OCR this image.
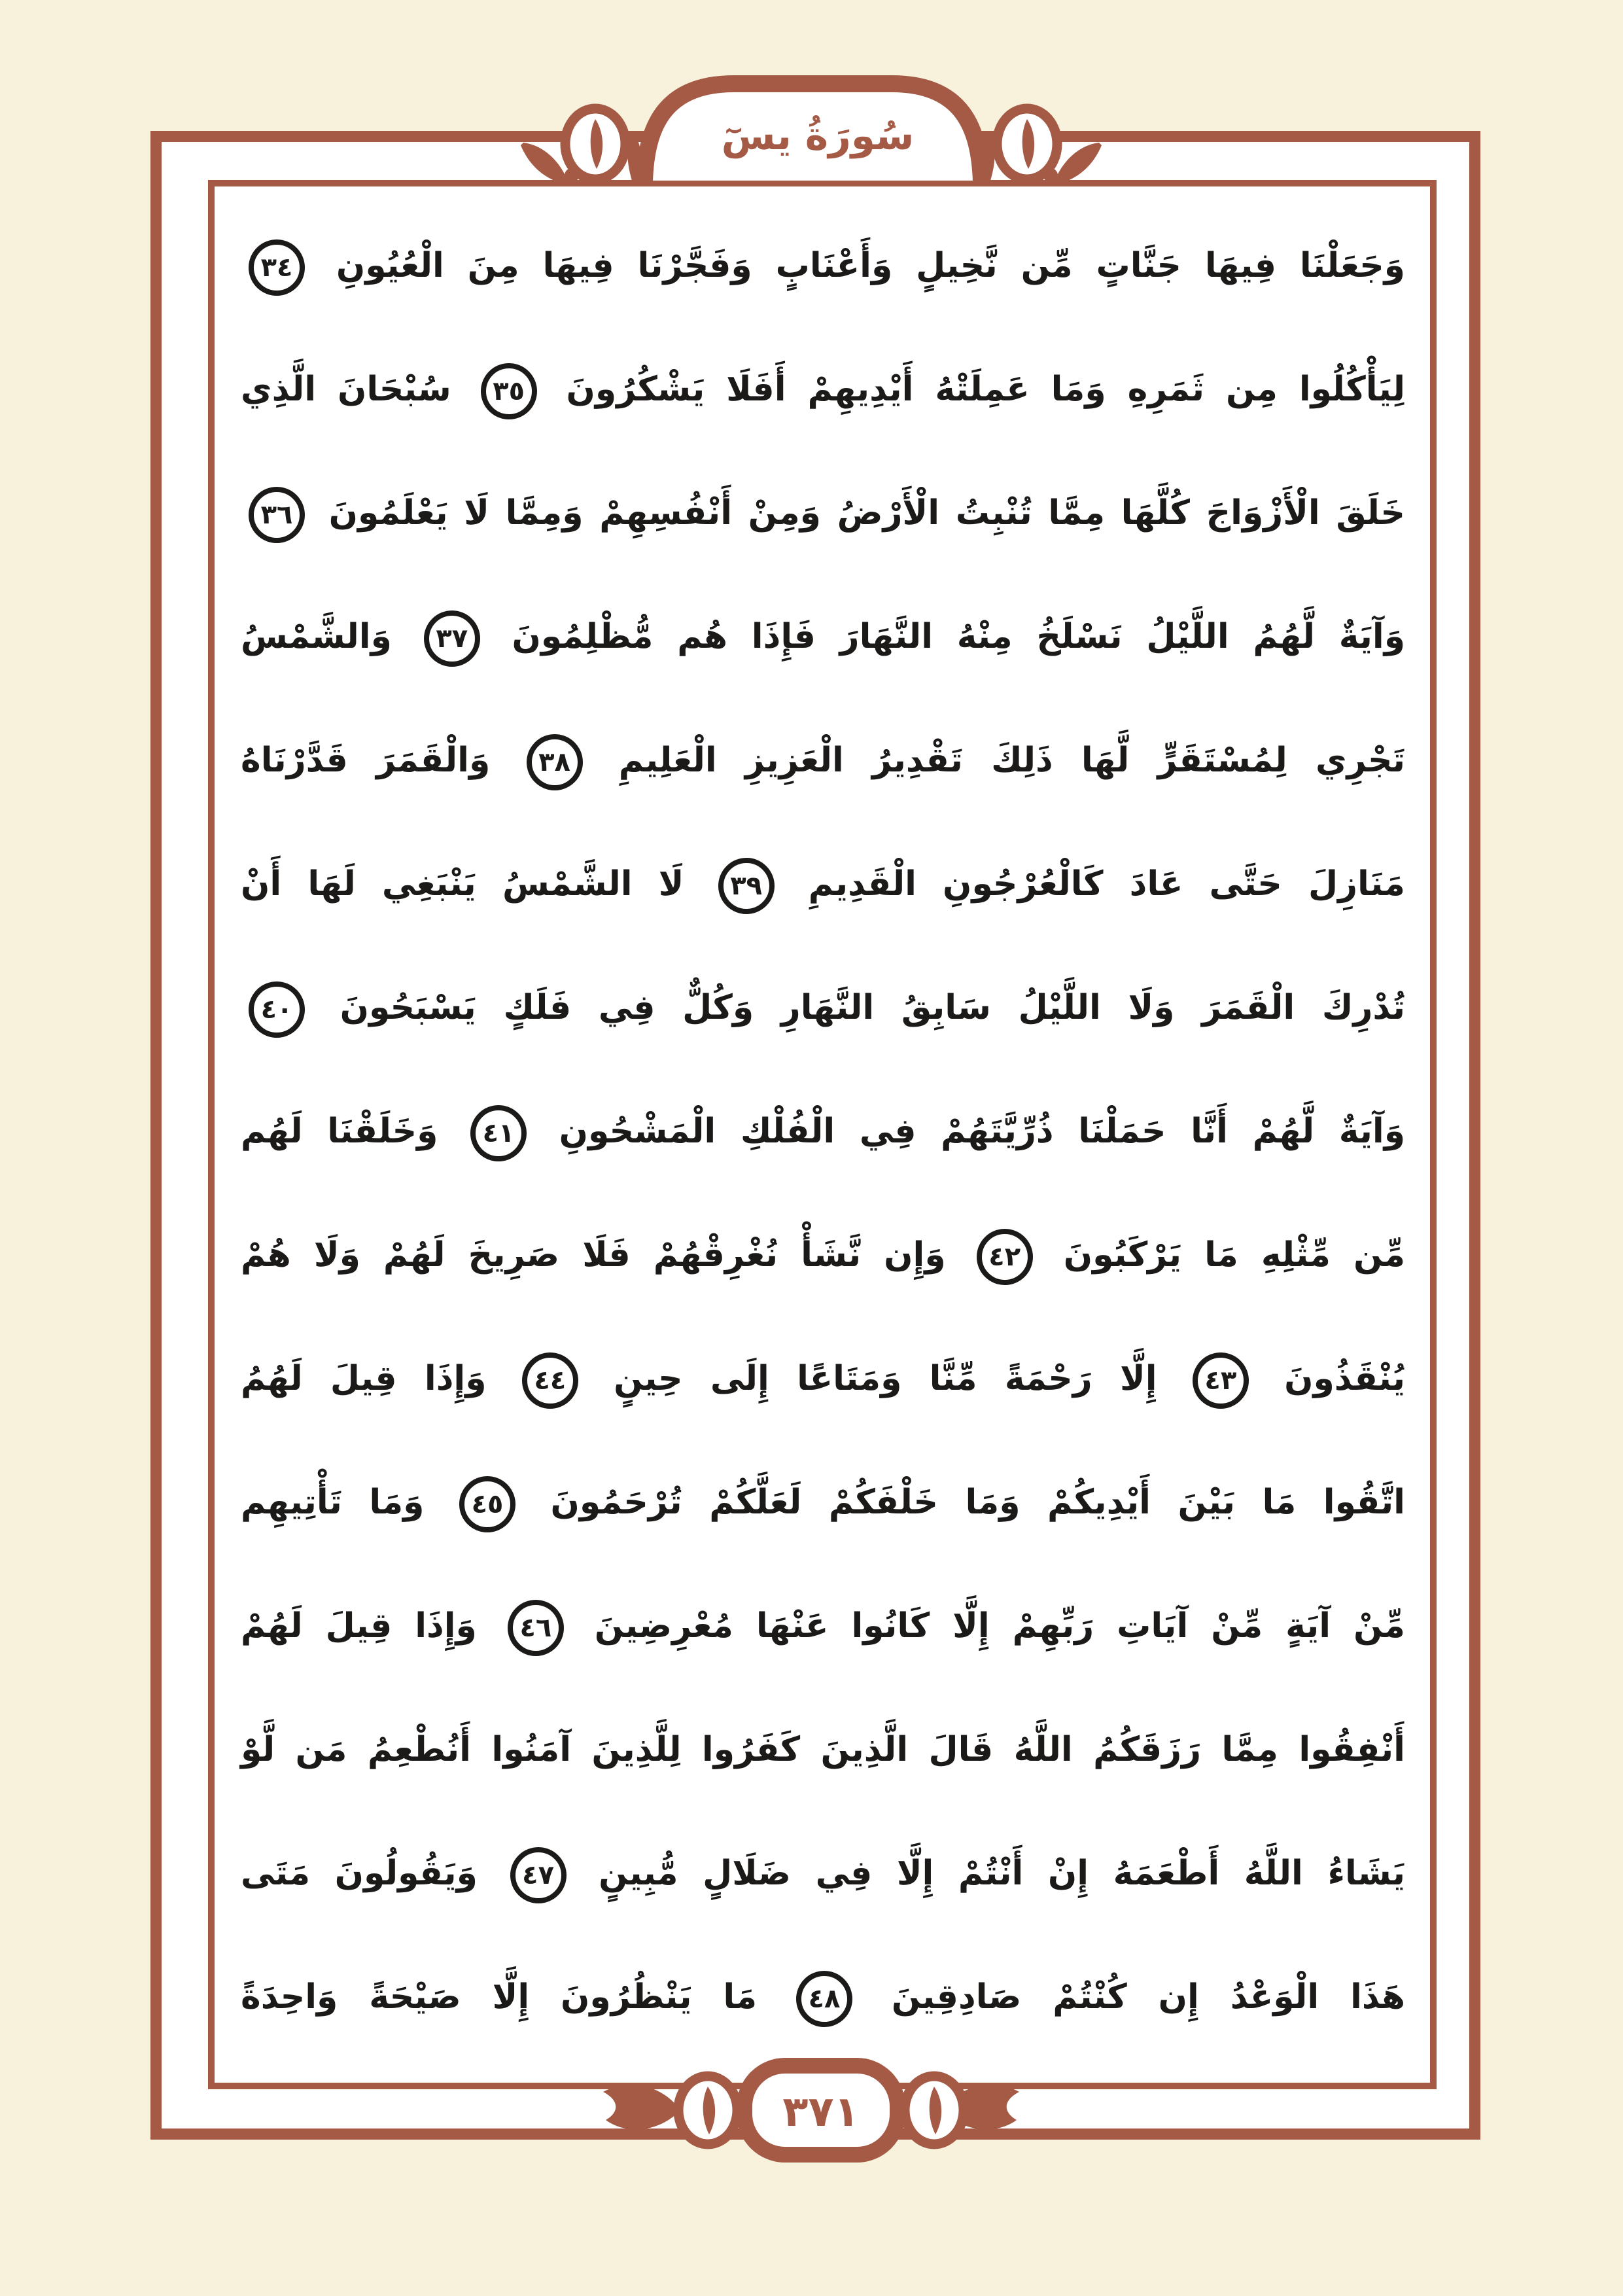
سُورَةُ يسٓ
وَجَعَلْنَا فِيهَا جَنَّاتٍ مِّن نَّخِيلٍ وَأَعْنَابٍ وَفَجَّرْنَا فِيهَا مِنَ الْعُيُونِ ٣٤
لِيَأْكُلُوا مِن ثَمَرِهِ وَمَا عَمِلَتْهُ أَيْدِيهِمْ أَفَلَا يَشْكُرُونَ ٣٥ سُبْحَانَ الَّذِي
خَلَقَ الْأَزْوَاجَ كُلَّهَا مِمَّا تُنْبِتُ الْأَرْضُ وَمِنْ أَنْفُسِهِمْ وَمِمَّا لَا يَعْلَمُونَ ٣٦
وَآيَةٌ لَّهُمُ اللَّيْلُ نَسْلَخُ مِنْهُ النَّهَارَ فَإِذَا هُم مُّظْلِمُونَ ٣٧ وَالشَّمْسُ
تَجْرِي لِمُسْتَقَرٍّ لَّهَا ذَلِكَ تَقْدِيرُ الْعَزِيزِ الْعَلِيمِ ٣٨ وَالْقَمَرَ قَدَّرْنَاهُ
مَنَازِلَ حَتَّى عَادَ كَالْعُرْجُونِ الْقَدِيمِ ٣٩ لَا الشَّمْسُ يَنْبَغِي لَهَا أَنْ
تُدْرِكَ الْقَمَرَ وَلَا اللَّيْلُ سَابِقُ النَّهَارِ وَكُلٌّ فِي فَلَكٍ يَسْبَحُونَ ٤٠
وَآيَةٌ لَّهُمْ أَنَّا حَمَلْنَا ذُرِّيَّتَهُمْ فِي الْفُلْكِ الْمَشْحُونِ ٤١ وَخَلَقْنَا لَهُم
مِّن مِّثْلِهِ مَا يَرْكَبُونَ ٤٢ وَإِن نَّشَأْ نُغْرِقْهُمْ فَلَا صَرِيخَ لَهُمْ وَلَا هُمْ
يُنْقَذُونَ ٤٣ إِلَّا رَحْمَةً مِّنَّا وَمَتَاعًا إِلَى حِينٍ ٤٤ وَإِذَا قِيلَ لَهُمُ
اتَّقُوا مَا بَيْنَ أَيْدِيكُمْ وَمَا خَلْفَكُمْ لَعَلَّكُمْ تُرْحَمُونَ ٤٥ وَمَا تَأْتِيهِم
مِّنْ آيَةٍ مِّنْ آيَاتِ رَبِّهِمْ إِلَّا كَانُوا عَنْهَا مُعْرِضِينَ ٤٦ وَإِذَا قِيلَ لَهُمْ
أَنْفِقُوا مِمَّا رَزَقَكُمُ اللَّهُ قَالَ الَّذِينَ كَفَرُوا لِلَّذِينَ آمَنُوا أَنُطْعِمُ مَن لَّوْ
يَشَاءُ اللَّهُ أَطْعَمَهُ إِنْ أَنْتُمْ إِلَّا فِي ضَلَالٍ مُّبِينٍ ٤٧ وَيَقُولُونَ مَتَى
هَذَا الْوَعْدُ إِن كُنْتُمْ صَادِقِينَ ٤٨ مَا يَنْظُرُونَ إِلَّا صَيْحَةً وَاحِدَةً
٣٧١
